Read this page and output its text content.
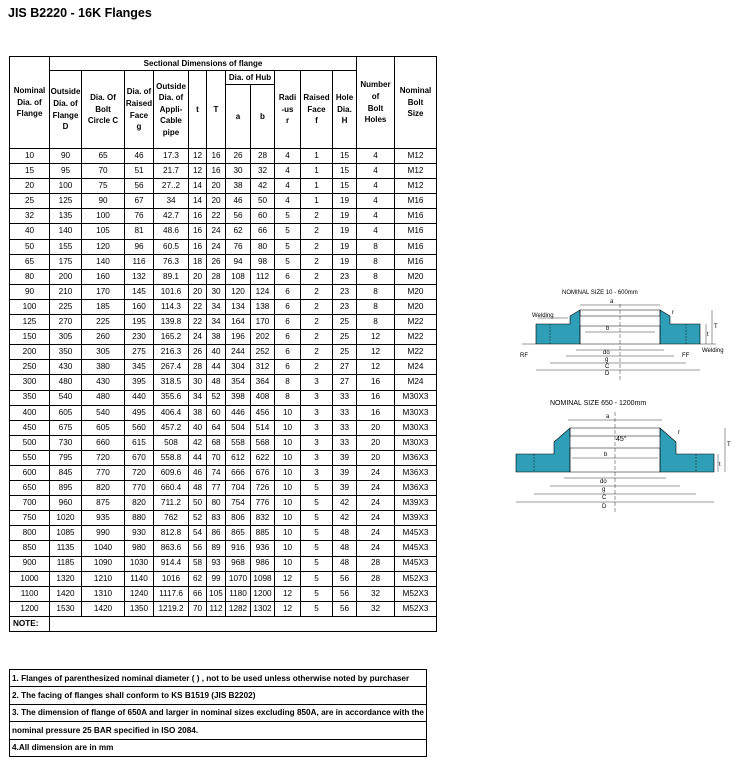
JIS B2220 - 16K Flanges
Nominal
Dia. of
Flange	Sectional Dimensions of flange											Number
of
Bolt
Holes	Nominal
Bolt
Size
	Outside
Dia. of
Flange
D	Dia. Of
Bolt
Circle C	Dia. of
Raised
Face
g	Outside
Dia. of
Appli-
Cable
pipe	t	T	Dia. of Hub		Radi
-us
r	Raised
Face
f	Hole
Dia.
H		
							a	b					
10	90	65	46	17.3	12	16	26	28	4	1	15	4	M12
15	95	70	51	21.7	12	16	30	32	4	1	15	4	M12
20	100	75	56	27..2	14	20	38	42	4	1	15	4	M12
25	125	90	67	34	14	20	46	50	4	1	19	4	M16
32	135	100	76	42.7	16	22	56	60	5	2	19	4	M16
40	140	105	81	48.6	16	24	62	66	5	2	19	4	M16
50	155	120	96	60.5	16	24	76	80	5	2	19	8	M16
65	175	140	116	76.3	18	26	94	98	5	2	19	8	M16
80	200	160	132	89.1	20	28	108	112	6	2	23	8	M20
90	210	170	145	101.6	20	30	120	124	6	2	23	8	M20
100	225	185	160	114.3	22	34	134	138	6	2	23	8	M20
125	270	225	195	139.8	22	34	164	170	6	2	25	8	M22
150	305	260	230	165.2	24	38	196	202	6	2	25	12	M22
200	350	305	275	216.3	26	40	244	252	6	2	25	12	M22
250	430	380	345	267.4	28	44	304	312	6	2	27	12	M24
300	480	430	395	318.5	30	48	354	364	8	3	27	16	M24
350	540	480	440	355.6	34	52	398	408	8	3	33	16	M30X3
400	605	540	495	406.4	38	60	446	456	10	3	33	16	M30X3
450	675	605	560	457.2	40	64	504	514	10	3	33	20	M30X3
500	730	660	615	508	42	68	558	568	10	3	33	20	M30X3
550	795	720	670	558.8	44	70	612	622	10	3	39	20	M36X3
600	845	770	720	609.6	46	74	666	676	10	3	39	24	M36X3
650	895	820	770	660.4	48	77	704	726	10	5	39	24	M36X3
700	960	875	820	711.2	50	80	754	776	10	5	42	24	M39X3
750	1020	935	880	762	52	83	806	832	10	5	42	24	M39X3
800	1085	990	930	812.8	54	86	865	885	10	5	48	24	M45X3
850	1135	1040	980	863.6	56	89	916	936	10	5	48	24	M45X3
900	1185	1090	1030	914.4	58	93	968	986	10	5	48	28	M45X3
1000	1320	1210	1140	1016	62	99	1070	1098	12	5	56	28	M52X3
1100	1420	1310	1240	1117.6	66	105	1180	1200	12	5	56	32	M52X3
1200	1530	1420	1350	1219.2	70	112	1282	1302	12	5	56	32	M52X3
NOTE:													
1. Flanges of parenthesized nominal diameter ( ) , not to be used unless otherwise noted by purchaser
2. The facing of flanges shall conform to KS B1519 (JIS B2202)
3. The dimension of flange of 650A and larger in nominal sizes excluding 850A, are in accordance with the
nominal pressure 25 BAR specified in ISO 2084.
4.All dimension are in mm
NOMINAL SIZE 10 - 600mm
Welding
Welding
a
b
do
g
C
D
RF	FF
t
T
r
NOMINAL SIZE 650 - 1200mm
a
45°
b
do
g
C
D
t
T
r
